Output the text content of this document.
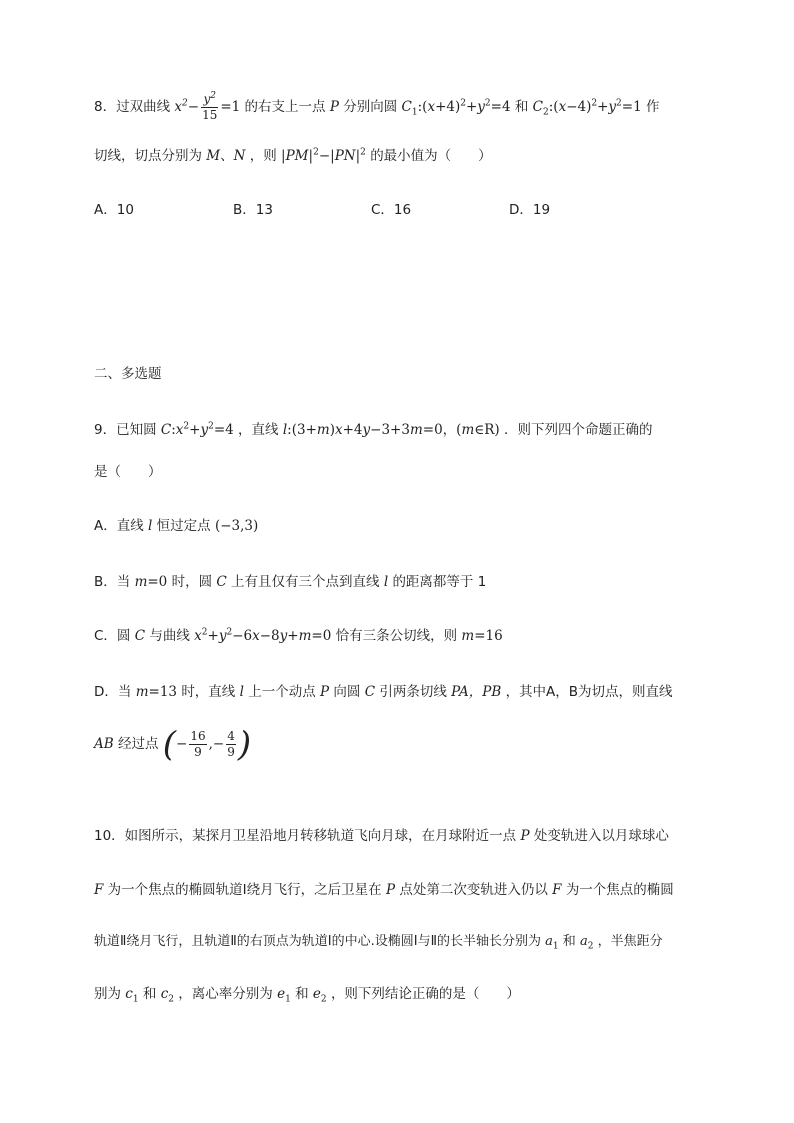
8．过双曲线 $x^2- \frac{y^2}{15} =1$ 的右支上一点 P 分别向圆 $C_1:(x+4)^2+y^2=4$ 和 $C_2:(x-4)^2+y^2=1$ 作
切线，切点分别为 M、N ，则 $|PM|^2-|PN|^2$ 的最小值为（　　）
A．10	B．13	C．16	D．19
二、多选题
9．已知圆 $C:x^2+y^2=4$ ，直线 l:(3+m)x+4y−3+3m=0，(m∈R) ．则下列四个命题正确的
是（　　）
A．直线 l 恒过定点 (−3,3)
B．当 m=0 时，圆 C 上有且仅有三个点到直线 l 的距离都等于 1
C．圆 C 与曲线 $x^2+y^2-6x-8y+m=0$ 恰有三条公切线，则 m=16
D．当 m=13 时，直线 l 上一个动点 P 向圆 C 引两条切线 PA，PB ，其中A，B为切点，则直线
AB 经过点 (− $\frac{16}{9}$ ,− $\frac{4}{9}$ )
10．如图所示，某探月卫星沿地月转移轨道飞向月球，在月球附近一点 P 处变轨进入以月球球心
F 为一个焦点的椭圆轨道Ⅰ绕月飞行，之后卫星在 P 点处第二次变轨进入仍以 F 为一个焦点的椭圆
轨道Ⅱ绕月飞行，且轨道Ⅱ的右顶点为轨道Ⅰ的中心.设椭圆Ⅰ与Ⅱ的长半轴长分别为 $a_1$ 和 $a_2$ ，半焦距分
别为 $c_1$ 和 $c_2$ ，离心率分别为 $e_1$ 和 $e_2$ ，则下列结论正确的是（　　）
